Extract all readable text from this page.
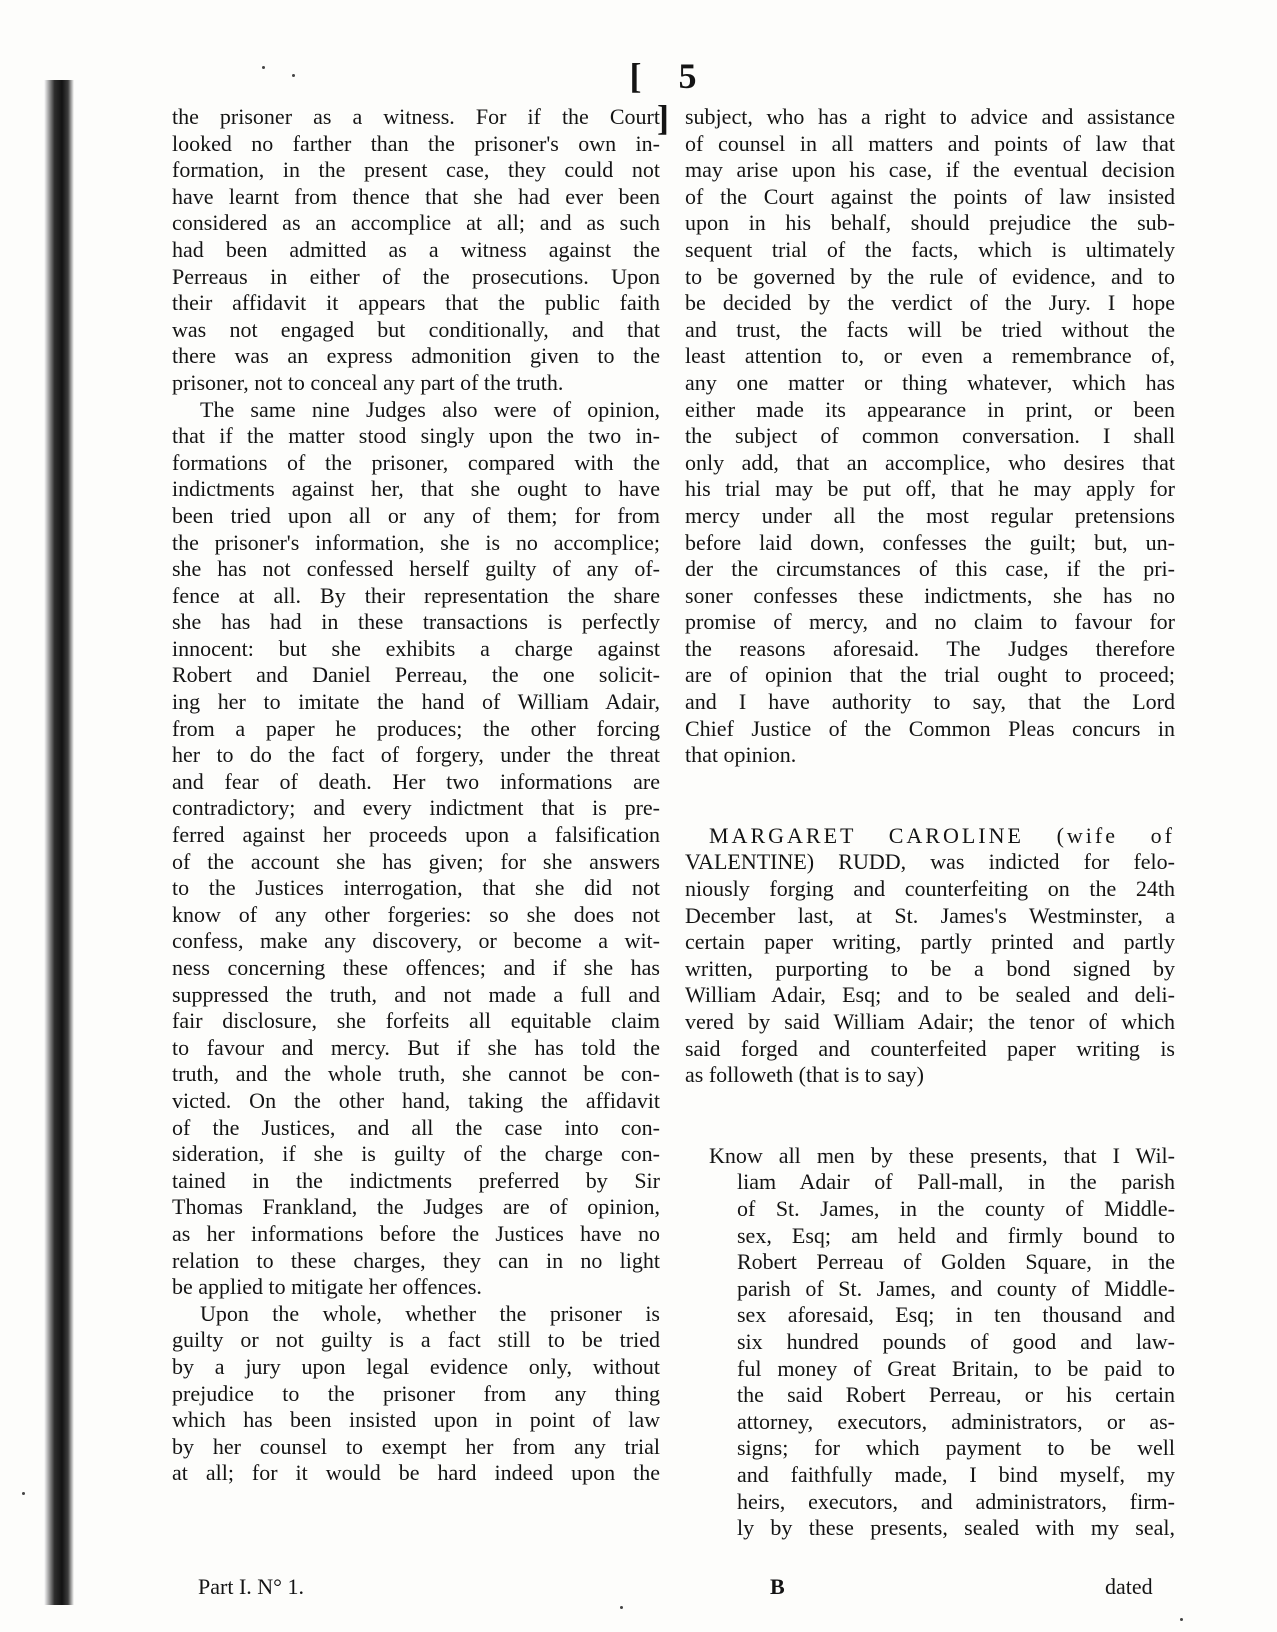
[ 5 ]
the prisoner as a witness. For if the Court
looked no farther than the prisoner's own in-
formation, in the present case, they could not
have learnt from thence that she had ever been
considered as an accomplice at all; and as such
had been admitted as a witness against the
Perreaus in either of the prosecutions. Upon
their affidavit it appears that the public faith
was not engaged but conditionally, and that
there was an express admonition given to the
prisoner, not to conceal any part of the truth.
The same nine Judges also were of opinion,
that if the matter stood singly upon the two in-
formations of the prisoner, compared with the
indictments against her, that she ought to have
been tried upon all or any of them; for from
the prisoner's information, she is no accomplice;
she has not confessed herself guilty of any of-
fence at all. By their representation the share
she has had in these transactions is perfectly
innocent: but she exhibits a charge against
Robert and Daniel Perreau, the one solicit-
ing her to imitate the hand of William Adair,
from a paper he produces; the other forcing
her to do the fact of forgery, under the threat
and fear of death. Her two informations are
contradictory; and every indictment that is pre-
ferred against her proceeds upon a falsification
of the account she has given; for she answers
to the Justices interrogation, that she did not
know of any other forgeries: so she does not
confess, make any discovery, or become a wit-
ness concerning these offences; and if she has
suppressed the truth, and not made a full and
fair disclosure, she forfeits all equitable claim
to favour and mercy. But if she has told the
truth, and the whole truth, she cannot be con-
victed. On the other hand, taking the affidavit
of the Justices, and all the case into con-
sideration, if she is guilty of the charge con-
tained in the indictments preferred by Sir
Thomas Frankland, the Judges are of opinion,
as her informations before the Justices have no
relation to these charges, they can in no light
be applied to mitigate her offences.
Upon the whole, whether the prisoner is
guilty or not guilty is a fact still to be tried
by a jury upon legal evidence only, without
prejudice to the prisoner from any thing
which has been insisted upon in point of law
by her counsel to exempt her from any trial
at all; for it would be hard indeed upon the
subject, who has a right to advice and assistance
of counsel in all matters and points of law that
may arise upon his case, if the eventual decision
of the Court against the points of law insisted
upon in his behalf, should prejudice the sub-
sequent trial of the facts, which is ultimately
to be governed by the rule of evidence, and to
be decided by the verdict of the Jury. I hope
and trust, the facts will be tried without the
least attention to, or even a remembrance of,
any one matter or thing whatever, which has
either made its appearance in print, or been
the subject of common conversation. I shall
only add, that an accomplice, who desires that
his trial may be put off, that he may apply for
mercy under all the most regular pretensions
before laid down, confesses the guilt; but, un-
der the circumstances of this case, if the pri-
soner confesses these indictments, she has no
promise of mercy, and no claim to favour for
the reasons aforesaid. The Judges therefore
are of opinion that the trial ought to proceed;
and I have authority to say, that the Lord
Chief Justice of the Common Pleas concurs in
that opinion.
MARGARET CAROLINE (wife of
VALENTINE) RUDD, was indicted for felo-
niously forging and counterfeiting on the 24th
December last, at St. James's Westminster, a
certain paper writing, partly printed and partly
written, purporting to be a bond signed by
William Adair, Esq; and to be sealed and deli-
vered by said William Adair; the tenor of which
said forged and counterfeited paper writing is
as followeth (that is to say)
Know all men by these presents, that I Wil-
liam Adair of Pall-mall, in the parish
of St. James, in the county of Middle-
sex, Esq; am held and firmly bound to
Robert Perreau of Golden Square, in the
parish of St. James, and county of Middle-
sex aforesaid, Esq; in ten thousand and
six hundred pounds of good and law-
ful money of Great Britain, to be paid to
the said Robert Perreau, or his certain
attorney, executors, administrators, or as-
signs; for which payment to be well
and faithfully made, I bind myself, my
heirs, executors, and administrators, firm-
ly by these presents, sealed with my seal,
Part I. N° 1.	B	dated
